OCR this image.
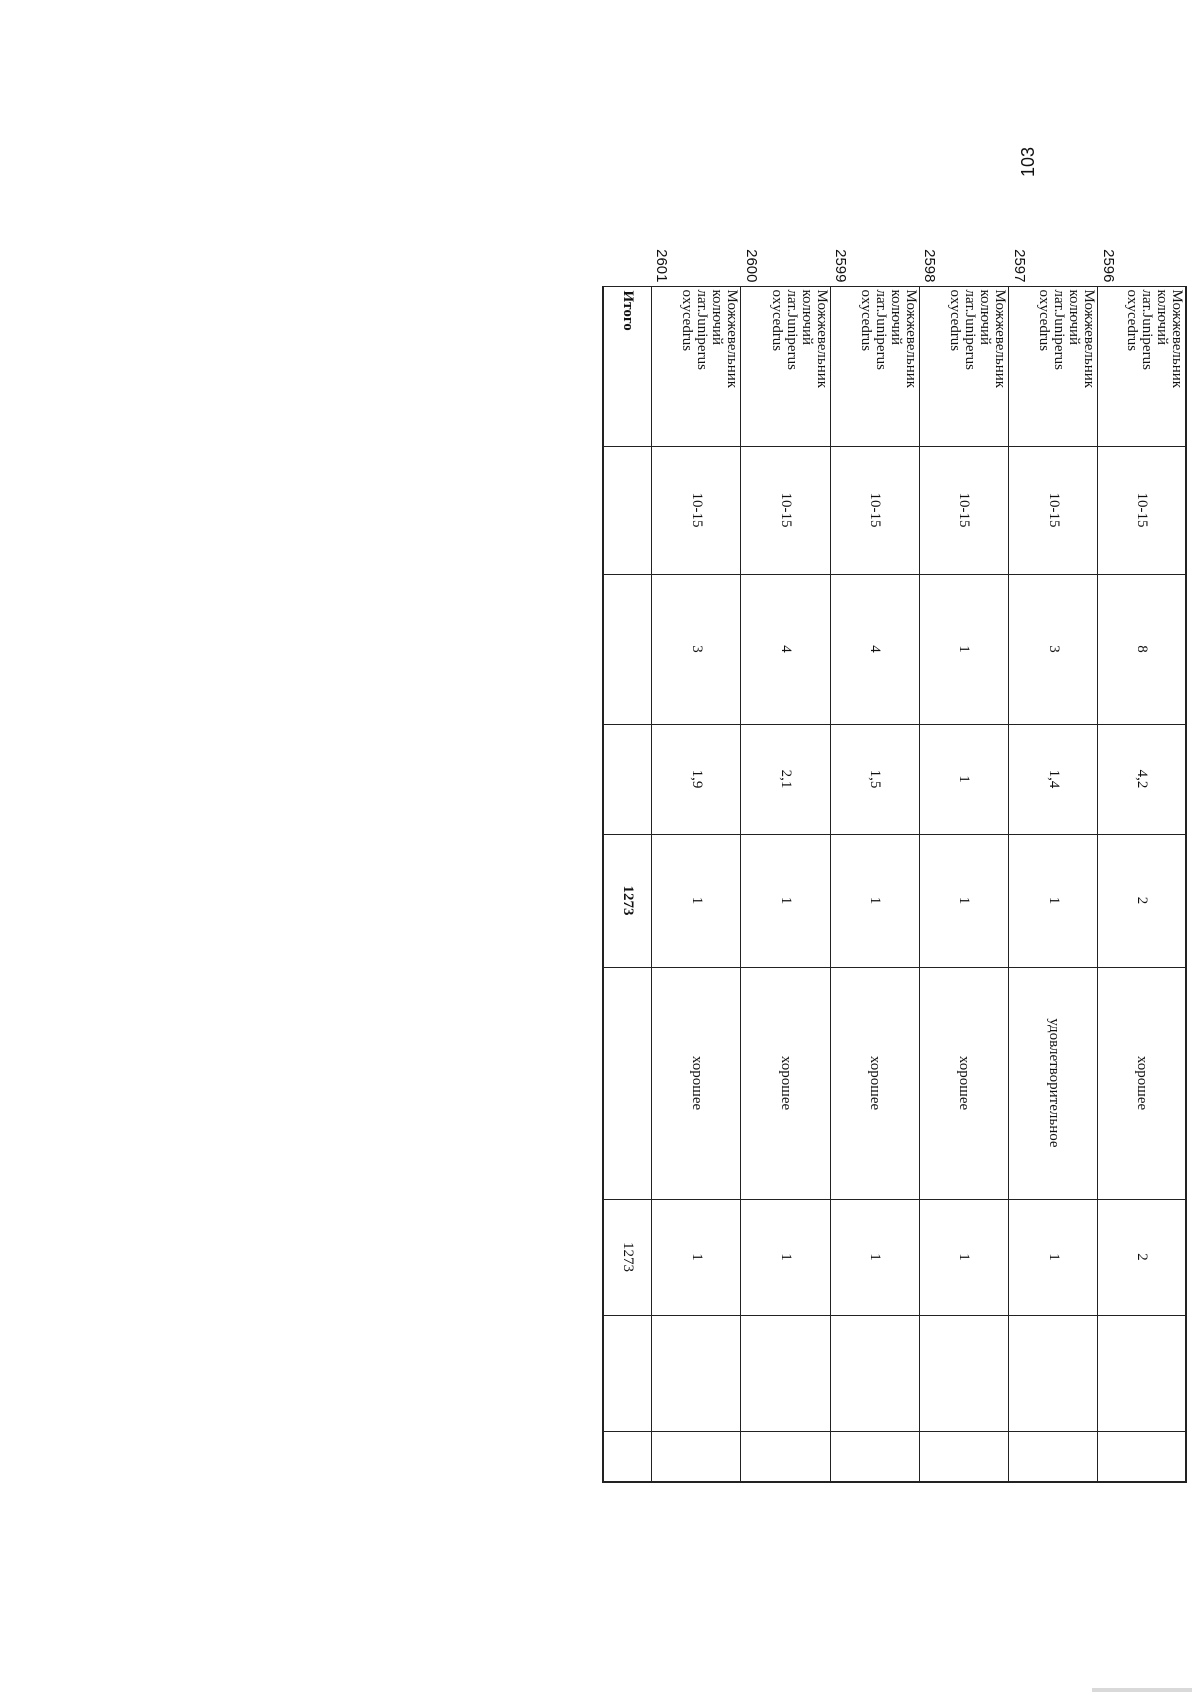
103
2596	Можжевельник
колючий
лат.Juniperus
oxycedrus	10-15	8	4,2	2	хорошее	2		
2597	Можжевельник
колючий
лат.Juniperus
oxycedrus	10-15	3	1,4	1	удовлетворительное	1		
2598	Можжевельник
колючий
лат.Juniperus
oxycedrus	10-15	1	1	1	хорошее	1		
2599	Можжевельник
колючий
лат.Juniperus
oxycedrus	10-15	4	1,5	1	хорошее	1		
2600	Можжевельник
колючий
лат.Juniperus
oxycedrus	10-15	4	2,1	1	хорошее	1		
2601	Можжевельник
колючий
лат.Juniperus
oxycedrus	10-15	3	1,9	1	хорошее	1		
	Итого				1273		1273		
